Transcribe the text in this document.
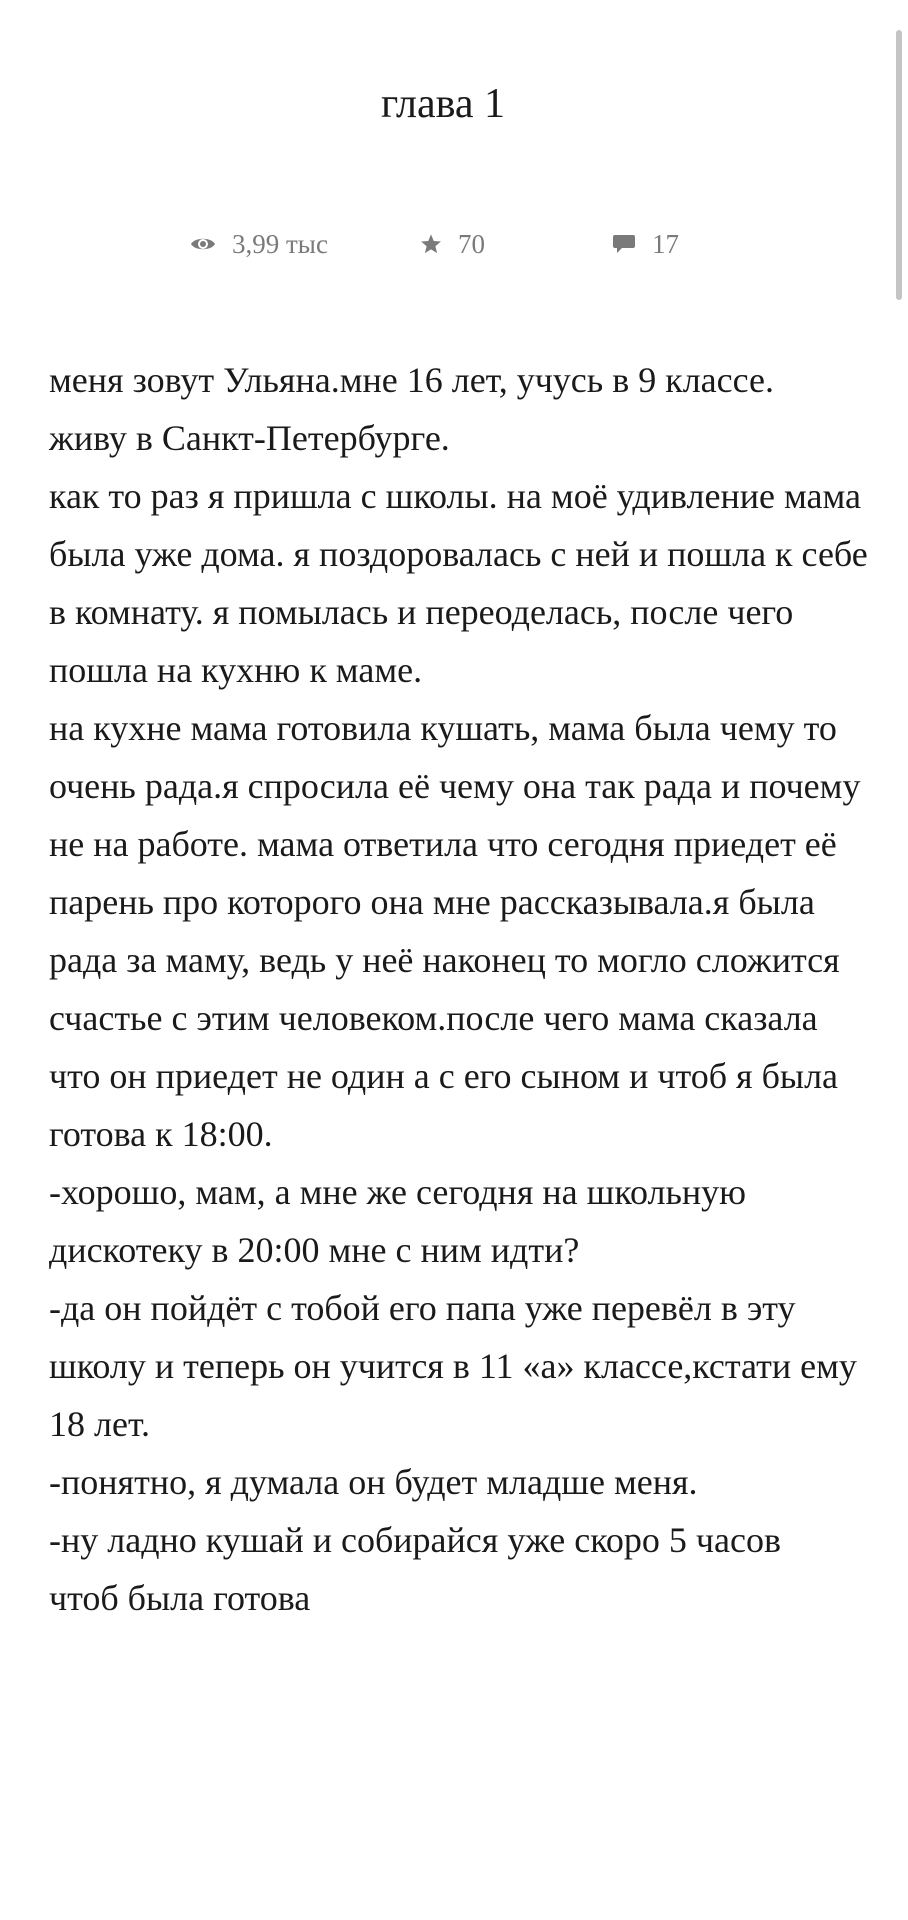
глава 1
3,99 тыс	70	17

меня зовут Ульяна.мне 16 лет, учусь в 9 классе.

живу в Санкт-Петербурге.

как то раз я пришла с школы. на моё удивление мама была уже дома. я поздоровалась с ней и пошла к себе в комнату. я помылась и переоделась, после чего пошла на кухню к маме.

на кухне мама готовила кушать, мама была чему то очень рада.я спросила её чему она так рада и почему не на работе. мама ответила что сегодня приедет её парень про которого она мне рассказывала.я была рада за маму, ведь у неё наконец то могло сложится счастье с этим человеком.после чего мама сказала что он приедет не один а с его сыном и чтоб я была готова к 18:00.

-хорошо, мам, а мне же сегодня на школьную дискотеку в 20:00 мне с ним идти?

-да он пойдёт с тобой его папа уже перевёл в эту школу и теперь он учится в 11 «а» классе,кстати ему 18 лет.

-понятно, я думала он будет младше меня.

-ну ладно кушай и собирайся уже скоро 5 часов

чтоб была готова
